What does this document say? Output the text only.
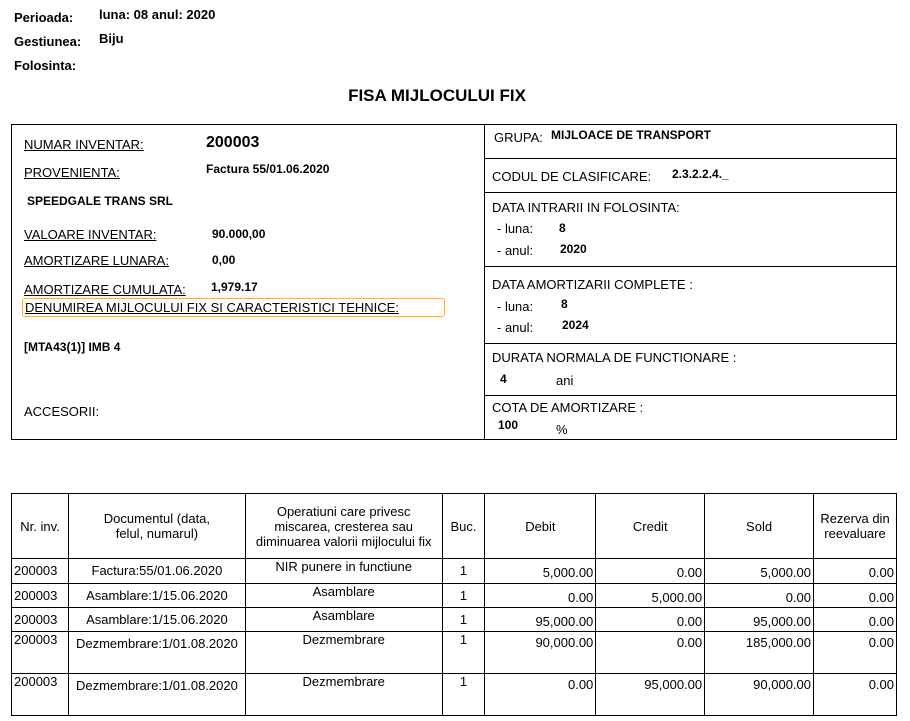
Perioada: luna: 08 anul: 2020
Gestiunea: Biju
Folosinta:
FISA MIJLOCULUI FIX
NUMAR INVENTAR:	200003
PROVENIENTA:	Factura 55/01.06.2020
SPEEDGALE TRANS SRL
VALOARE INVENTAR:	90.000,00
AMORTIZARE LUNARA:	0,00
AMORTIZARE CUMULATA: 1,979.17
DENUMIREA MIJLOCULUI FIX SI CARACTERISTICI TEHNICE:
[MTA43(1)] IMB 4
ACCESORII:
GRUPA: MIJLOACE DE TRANSPORT
CODUL DE CLASIFICARE: 2.3.2.2.4._
DATA INTRARII IN FOLOSINTA:
- luna: 8
- anul: 2020
DATA AMORTIZARII COMPLETE :
- luna: 8
- anul: 2024
DURATA NORMALA DE FUNCTIONARE :
4	ani
COTA DE AMORTIZARE :
100	%
Nr. inv.	Documentul (data, felul, numarul)	Operatiuni care privesc miscarea, cresterea sau diminuarea valorii mijlocului fix	Buc.	Debit	Credit	Sold	Rezerva din reevaluare
200003	Factura:55/01.06.2020	NIR punere in functiune	1	5,000.00	0.00	5,000.00	0.00
200003	Asamblare:1/15.06.2020	Asamblare	1	0.00	5,000.00	0.00	0.00
200003	Asamblare:1/15.06.2020	Asamblare	1	95,000.00	0.00	95,000.00	0.00
200003	Dezmembrare:1/01.08.2020	Dezmembrare	1	90,000.00	0.00	185,000.00	0.00
200003	Dezmembrare:1/01.08.2020	Dezmembrare	1	0.00	95,000.00	90,000.00	0.00
